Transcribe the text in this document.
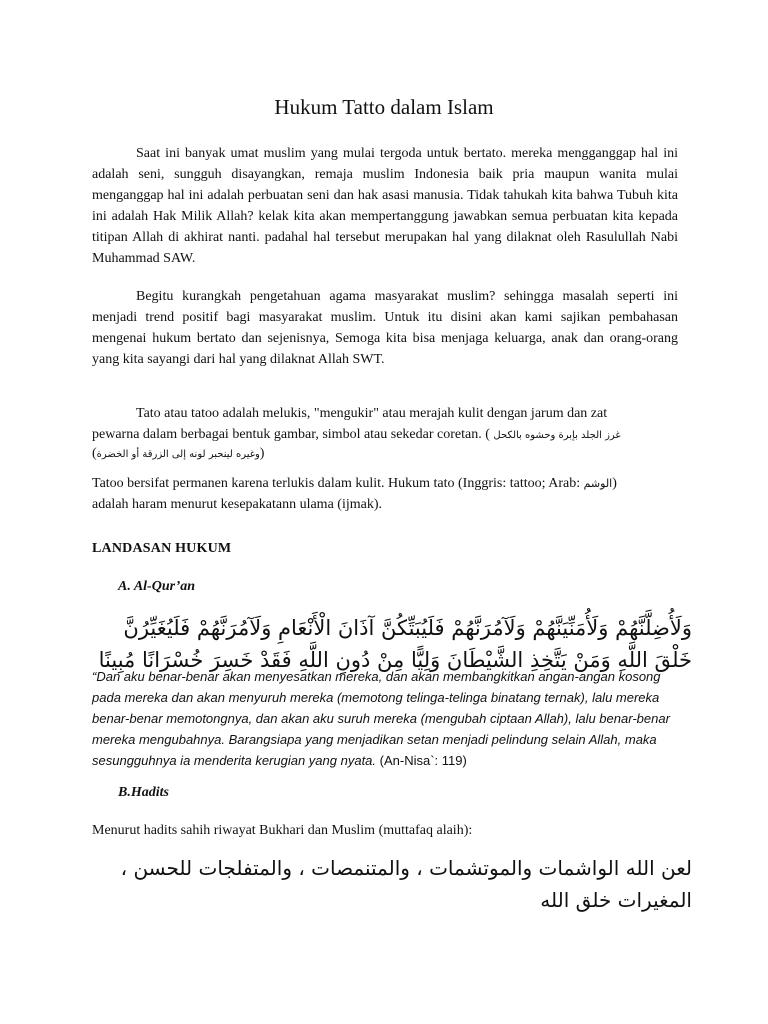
Hukum Tatto dalam Islam

Saat ini banyak umat muslim yang mulai tergoda untuk bertato. mereka mengganggap hal ini adalah seni, sungguh disayangkan, remaja muslim Indonesia baik pria maupun wanita mulai menganggap hal ini adalah perbuatan seni dan hak asasi manusia. Tidak tahukah kita bahwa Tubuh kita ini adalah Hak Milik Allah? kelak kita akan mempertanggung jawabkan semua perbuatan kita kepada titipan Allah di akhirat nanti. padahal hal tersebut merupakan hal yang dilaknat oleh Rasulullah Nabi Muhammad SAW.

Begitu kurangkah pengetahuan agama masyarakat muslim? sehingga masalah seperti ini menjadi trend positif bagi masyarakat muslim. Untuk itu disini akan kami sajikan pembahasan mengenai hukum bertato dan sejenisnya, Semoga kita bisa menjaga keluarga, anak dan orang-orang yang kita sayangi dari hal yang dilaknat Allah SWT.

Tato atau tatoo adalah melukis, "mengukir" atau merajah kulit dengan jarum dan zat
pewarna dalam berbagai bentuk gambar, simbol atau sekedar coretan. ( غرز الجلد بإبرة وحشوه بالكحل
(وغيره لينحبر لونه إلى الزرقة أو الخضرة)
Tatoo bersifat permanen karena terlukis dalam kulit. Hukum tato (Inggris: tattoo; Arab: الوشم)
adalah haram menurut kesepakatann ulama (ijmak).
LANDASAN HUKUM
A. Al-Qur’an
وَلَأُضِلَّنَّهُمْ وَلَأُمَنِّيَنَّهُمْ وَلَآمُرَنَّهُمْ فَلَيُبَتِّكُنَّ آذَانَ الْأَنْعَامِ وَلَآمُرَنَّهُمْ فَلَيُغَيِّرُنَّ خَلْقَ اللَّهِ وَمَنْ يَتَّخِذِ الشَّيْطَانَ وَلِيًّا مِنْ دُونِ اللَّهِ فَقَدْ خَسِرَ خُسْرَانًا مُبِينًا
“Dan aku benar-benar akan menyesatkan mereka, dan akan membangkitkan angan-angan kosong pada mereka dan akan menyuruh mereka (memotong telinga-telinga binatang ternak), lalu mereka benar-benar memotongnya, dan akan aku suruh mereka (mengubah ciptaan Allah), lalu benar-benar mereka mengubahnya. Barangsiapa yang menjadikan setan menjadi pelindung selain Allah, maka sesungguhnya ia menderita kerugian yang nyata. (An-Nisa`: 119)
B.Hadits
Menurut hadits sahih riwayat Bukhari dan Muslim (muttafaq alaih):
لعن الله الواشمات والموتشمات ، والمتنمصات ، والمتفلجات للحسن ، المغيرات خلق الله
